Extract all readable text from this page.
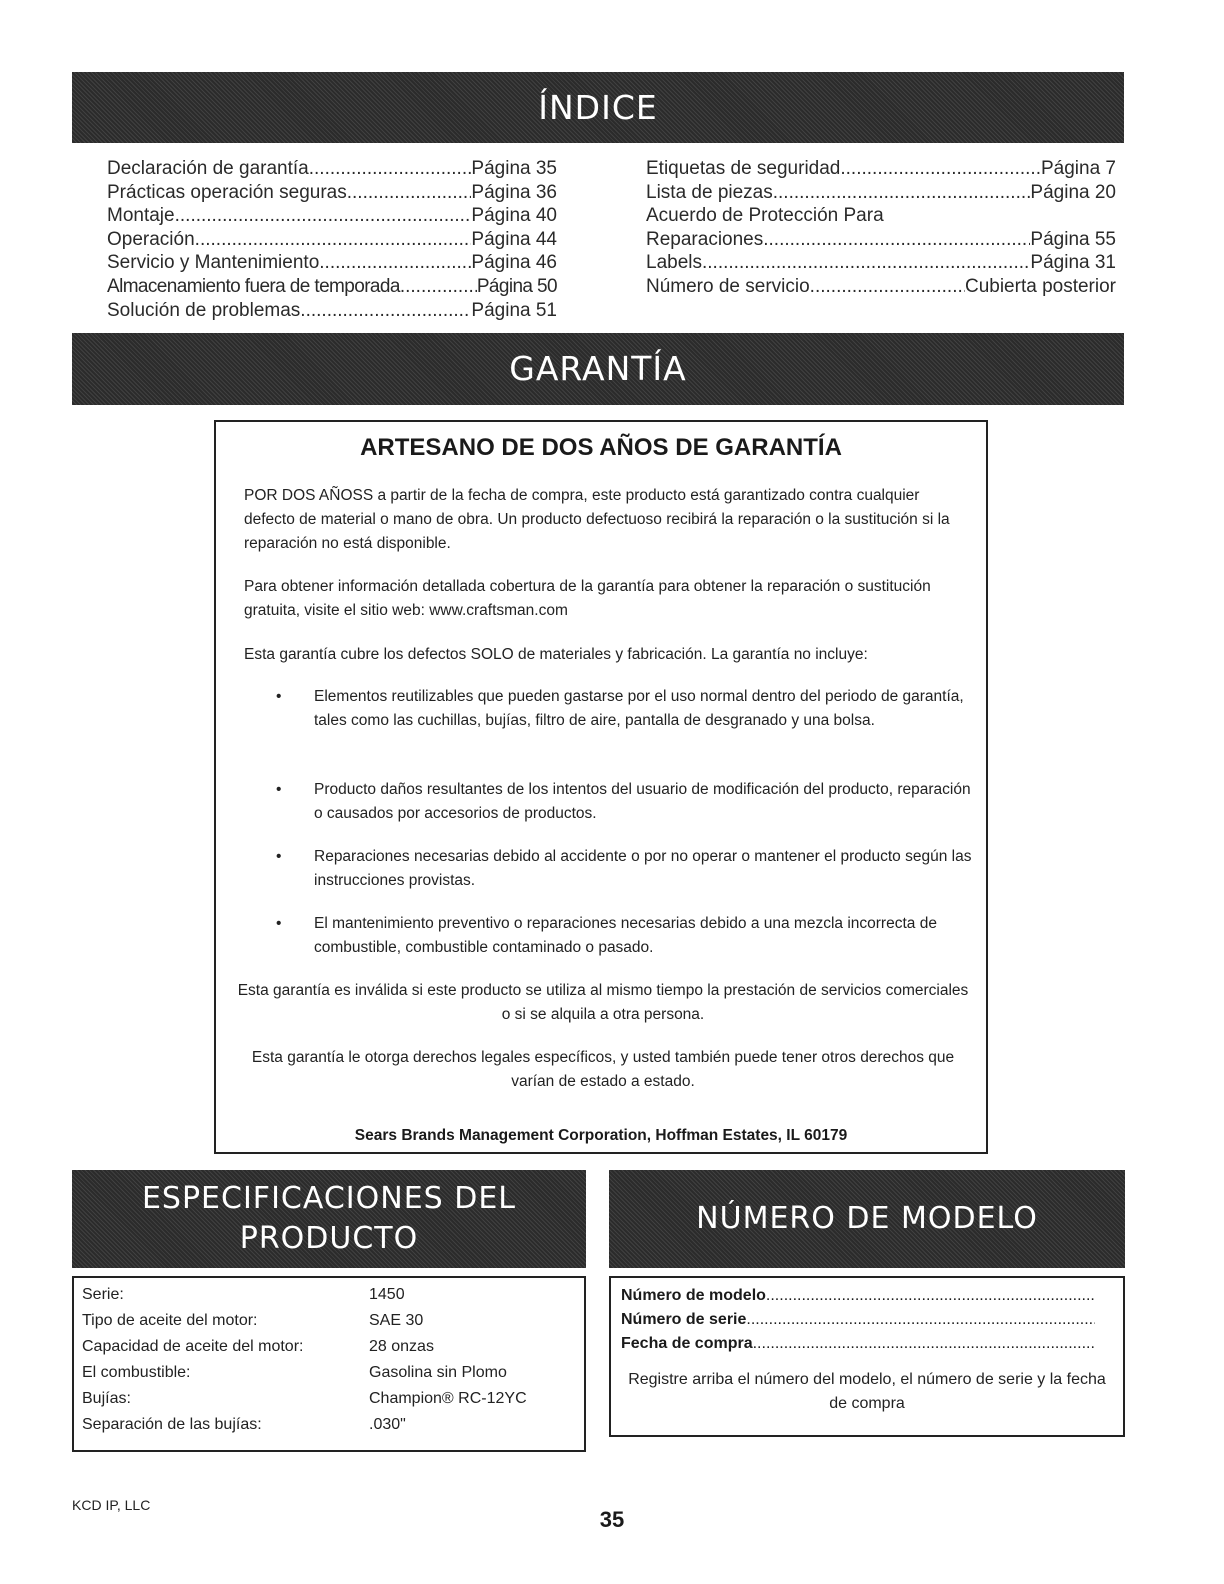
ÍNDICE
Declaración de garantía .....	Página 35
Prácticas operación seguras .....	Página 36
Montaje .....	Página 40
Operación .....	Página 44
Servicio y Mantenimiento .....	Página 46
Almacenamiento fuera de temporada .....	Página 50
Solución de problemas .....	Página 51
Etiquetas de seguridad .....	Página 7
Lista de piezas .....	Página 20
Acuerdo de Protección Para
Reparaciones .....	Página 55
Labels .....	Página 31
Número de servicio .....	Cubierta posterior
GARANTÍA
ARTESANO DE DOS AÑOS DE GARANTÍA
POR DOS AÑOSS a partir de la fecha de compra, este producto está garantizado contra cualquier defecto de material o mano de obra. Un producto defectuoso recibirá la reparación o la sustitución si la reparación no está disponible.
Para obtener información detallada cobertura de la garantía para obtener la reparación o sustitución gratuita, visite el sitio web: www.craftsman.com
Esta garantía cubre los defectos SOLO de materiales y fabricación. La garantía no incluye:
• Elementos reutilizables que pueden gastarse por el uso normal dentro del periodo de garantía, tales como las cuchillas, bujías, filtro de aire, pantalla de desgranado y una bolsa.
• Producto daños resultantes de los intentos del usuario de modificación del producto, reparación o causados por accesorios de productos.
• Reparaciones necesarias debido al accidente o por no operar o mantener el producto según las instrucciones provistas.
• El mantenimiento preventivo o reparaciones necesarias debido a una mezcla incorrecta de combustible, combustible contaminado o pasado.
Esta garantía es inválida si este producto se utiliza al mismo tiempo la prestación de servicios comerciales o si se alquila a otra persona.
Esta garantía le otorga derechos legales específicos, y usted también puede tener otros derechos que varían de estado a estado.
Sears Brands Management Corporation, Hoffman Estates, IL 60179
ESPECIFICACIONES DEL
PRODUCTO
Serie:	1450
Tipo de aceite del motor:	SAE 30
Capacidad de aceite del motor:	28 onzas
El combustible:	Gasolina sin Plomo
Bujías:	Champion® RC-12YC
Separación de las bujías:	.030"
NÚMERO DE MODELO
Número de modelo
.....
Número de serie
.....
Fecha de compra
.....
Registre arriba el número del modelo, el número de serie y la fecha de compra
KCD IP, LLC
35
